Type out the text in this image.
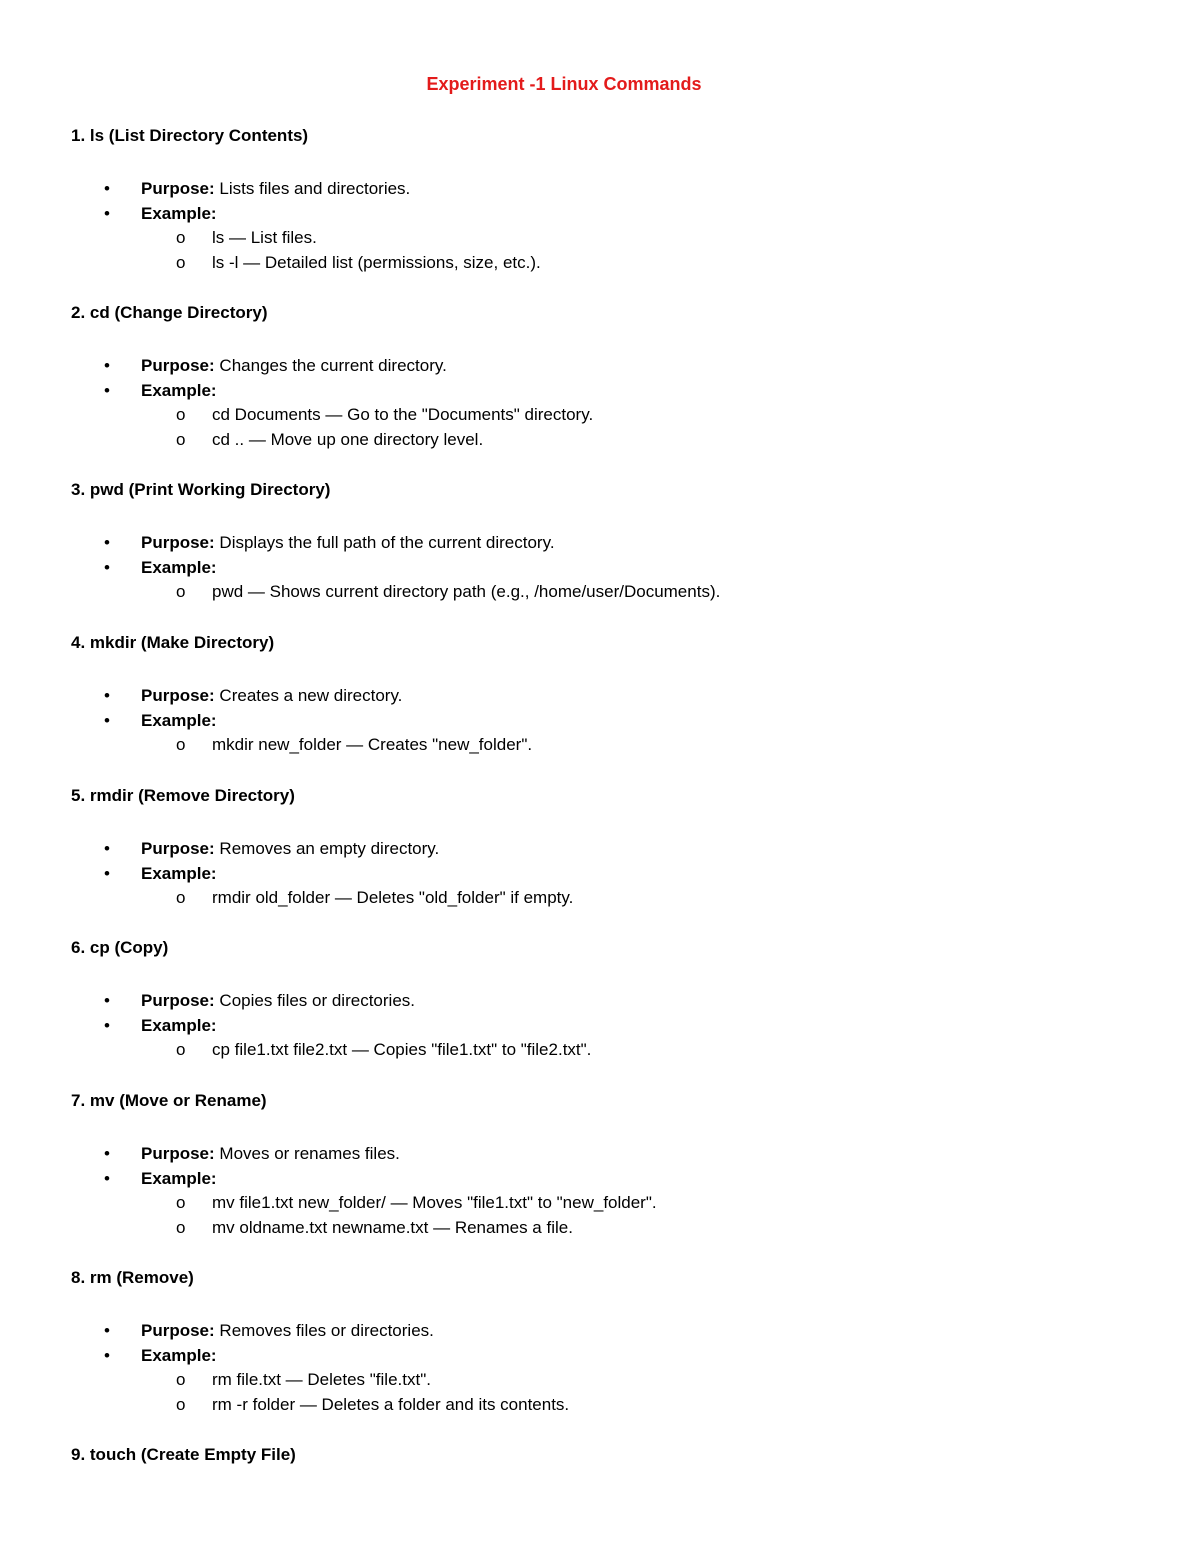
Experiment -1 Linux Commands
1. ls (List Directory Contents)
• Purpose: Lists files and directories.
• Example:
o ls — List files.
o ls -l — Detailed list (permissions, size, etc.).
2. cd (Change Directory)
• Purpose: Changes the current directory.
• Example:
o cd Documents — Go to the "Documents" directory.
o cd .. — Move up one directory level.
3. pwd (Print Working Directory)
• Purpose: Displays the full path of the current directory.
• Example:
o pwd — Shows current directory path (e.g., /home/user/Documents).
4. mkdir (Make Directory)
• Purpose: Creates a new directory.
• Example:
o mkdir new_folder — Creates "new_folder".
5. rmdir (Remove Directory)
• Purpose: Removes an empty directory.
• Example:
o rmdir old_folder — Deletes "old_folder" if empty.
6. cp (Copy)
• Purpose: Copies files or directories.
• Example:
o cp file1.txt file2.txt — Copies "file1.txt" to "file2.txt".
7. mv (Move or Rename)
• Purpose: Moves or renames files.
• Example:
o mv file1.txt new_folder/ — Moves "file1.txt" to "new_folder".
o mv oldname.txt newname.txt — Renames a file.
8. rm (Remove)
• Purpose: Removes files or directories.
• Example:
o rm file.txt — Deletes "file.txt".
o rm -r folder — Deletes a folder and its contents.
9. touch (Create Empty File)
